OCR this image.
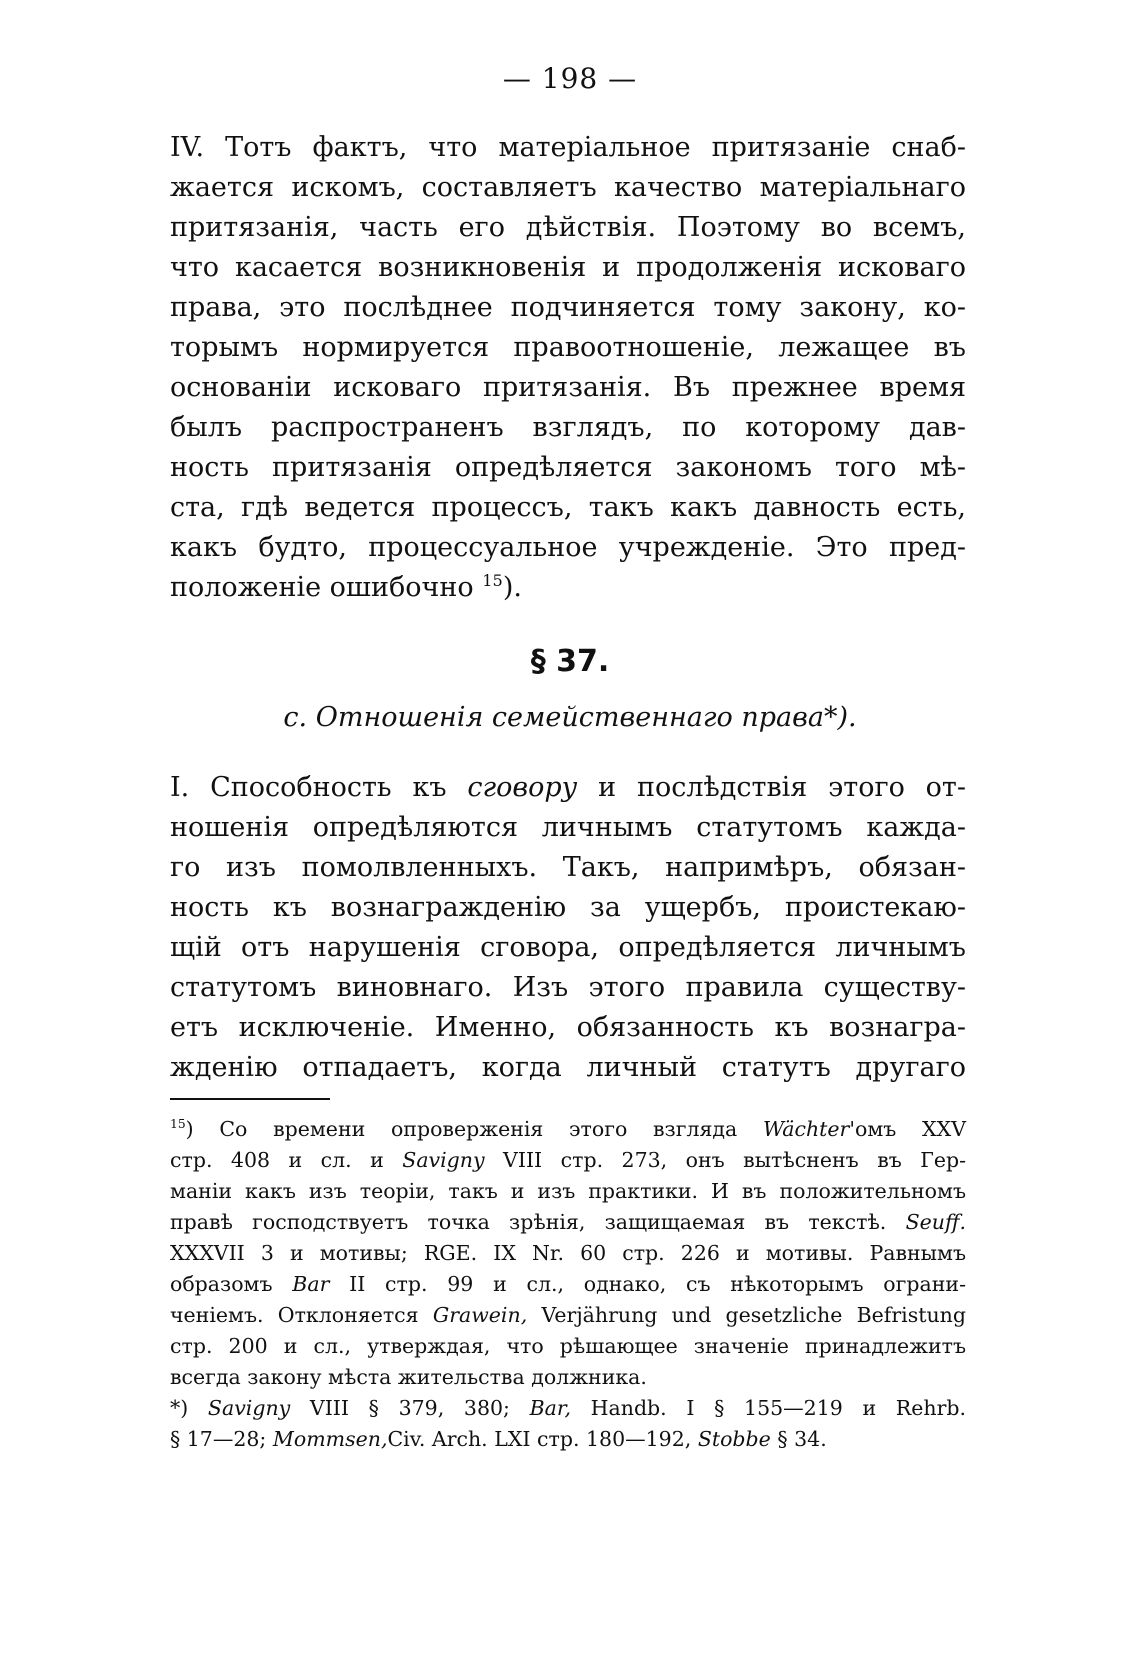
— 198 —
IV. Тотъ фактъ, что матеріальное притязаніе снаб-
жается искомъ, составляетъ качество матеріальнаго
притязанія, часть его дѣйствія. Поэтому во всемъ,
что касается возникновенія и продолженія исковаго
права, это послѣднее подчиняется тому закону, ко-
торымъ нормируется правоотношеніе, лежащее въ
основаніи исковаго притязанія. Въ прежнее время
былъ распространенъ взглядъ, по которому дав-
ность притязанія опредѣляется закономъ того мѣ-
ста, гдѣ ведется процессъ, такъ какъ давность есть,
какъ будто, процессуальное учрежденіе. Это пред-
положеніе ошибочно $^{15}$).
§ 37.
c. Отношенія семейственнаго права*).
I. Способность къ сговору и послѣдствія этого от-
ношенія опредѣляются личнымъ статутомъ кажда-
го изъ помолвленныхъ. Такъ, напримѣръ, обязан-
ность къ вознагражденію за ущербъ, проистекаю-
щій отъ нарушенія сговора, опредѣляется личнымъ
статутомъ виновнаго. Изъ этого правила существу-
етъ исключеніе. Именно, обязанность къ вознагра-
жденію отпадаетъ, когда личный статутъ другаго
$^{15}$) Со времени опроверженія этого взгляда Wächter'омъ XXV
стр. 408 и сл. и Savigny VIII стр. 273, онъ вытѣсненъ въ Гер-
маніи какъ изъ теоріи, такъ и изъ практики. И въ положительномъ
правѣ господствуетъ точка зрѣнія, защищаемая въ текстѣ. Seuff.
XXXVII 3 и мотивы; RGE. IX Nr. 60 стр. 226 и мотивы. Равнымъ
образомъ Bar II стр. 99 и сл., однако, съ нѣкоторымъ ограни-
ченіемъ. Отклоняется Grawein, Verjährung und gesetzliche Befristung
стр. 200 и сл., утверждая, что рѣшающее значеніе принадлежитъ
всегда закону мѣста жительства должника.
*) Savigny VIII § 379, 380; Bar, Handb. I § 155—219 и Rehrb.
§ 17—28; Mommsen,Civ. Arch. LXI стр. 180—192, Stobbe § 34.
